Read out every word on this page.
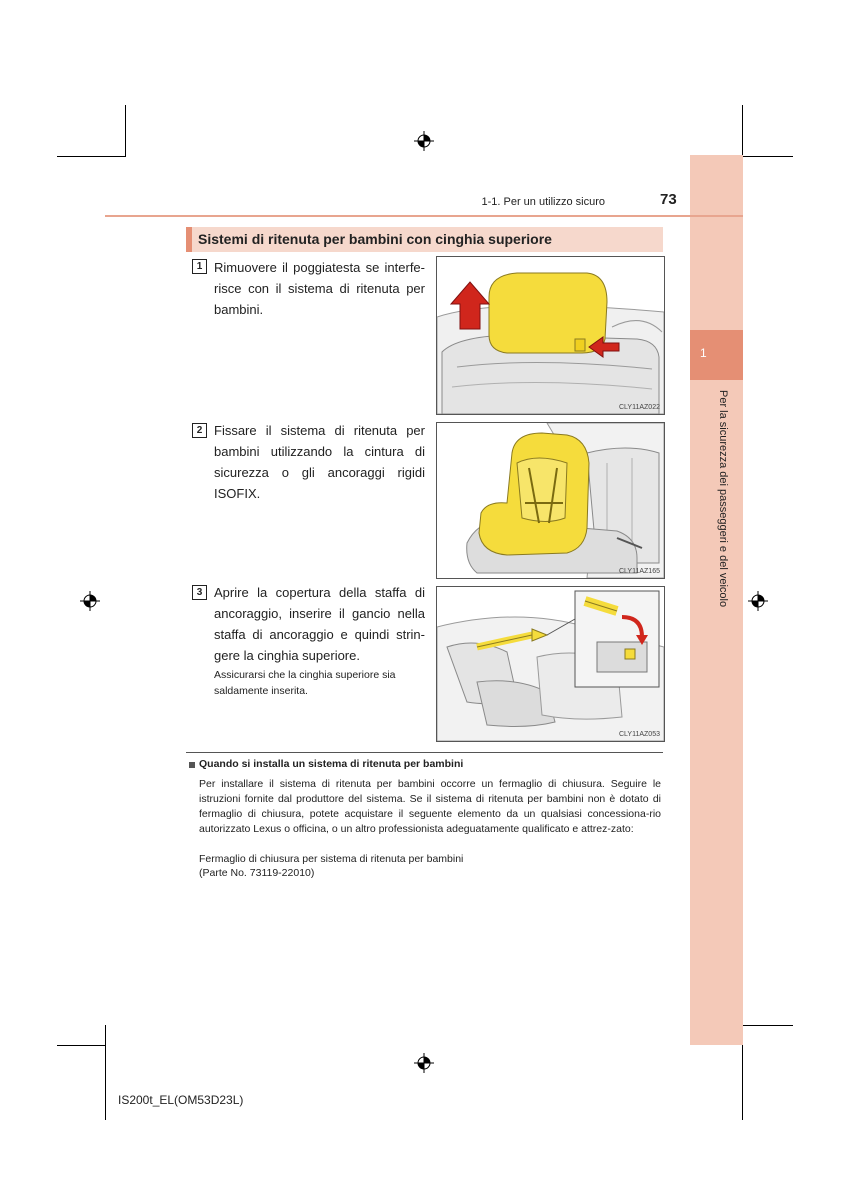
1
Per la sicurezza dei passeggeri e del veicolo
1-1. Per un utilizzo sicuro	73
Sistemi di ritenuta per bambini con cinghia superiore
1 Rimuovere il poggiatesta se interfe-risce con il sistema di ritenuta per bambini.
CLY11AZ022
2 Fissare il sistema di ritenuta per bambini utilizzando la cintura di sicurezza o gli ancoraggi rigidi ISOFIX.
CLY11AZ165
3 Aprire la copertura della staffa di ancoraggio, inserire il gancio nella staffa di ancoraggio e quindi strin-gere la cinghia superiore.
Assicurarsi che la cinghia superiore sia saldamente inserita.
CLY11AZ053
Quando si installa un sistema di ritenuta per bambini
Per installare il sistema di ritenuta per bambini occorre un fermaglio di chiusura. Seguire le istruzioni fornite dal produttore del sistema. Se il sistema di ritenuta per bambini non è dotato di fermaglio di chiusura, potete acquistare il seguente elemento da un qualsiasi concessiona-rio autorizzato Lexus o officina, o un altro professionista adeguatamente qualificato e attrez-zato:
Fermaglio di chiusura per sistema di ritenuta per bambini
(Parte No. 73119-22010)
IS200t_EL(OM53D23L)
